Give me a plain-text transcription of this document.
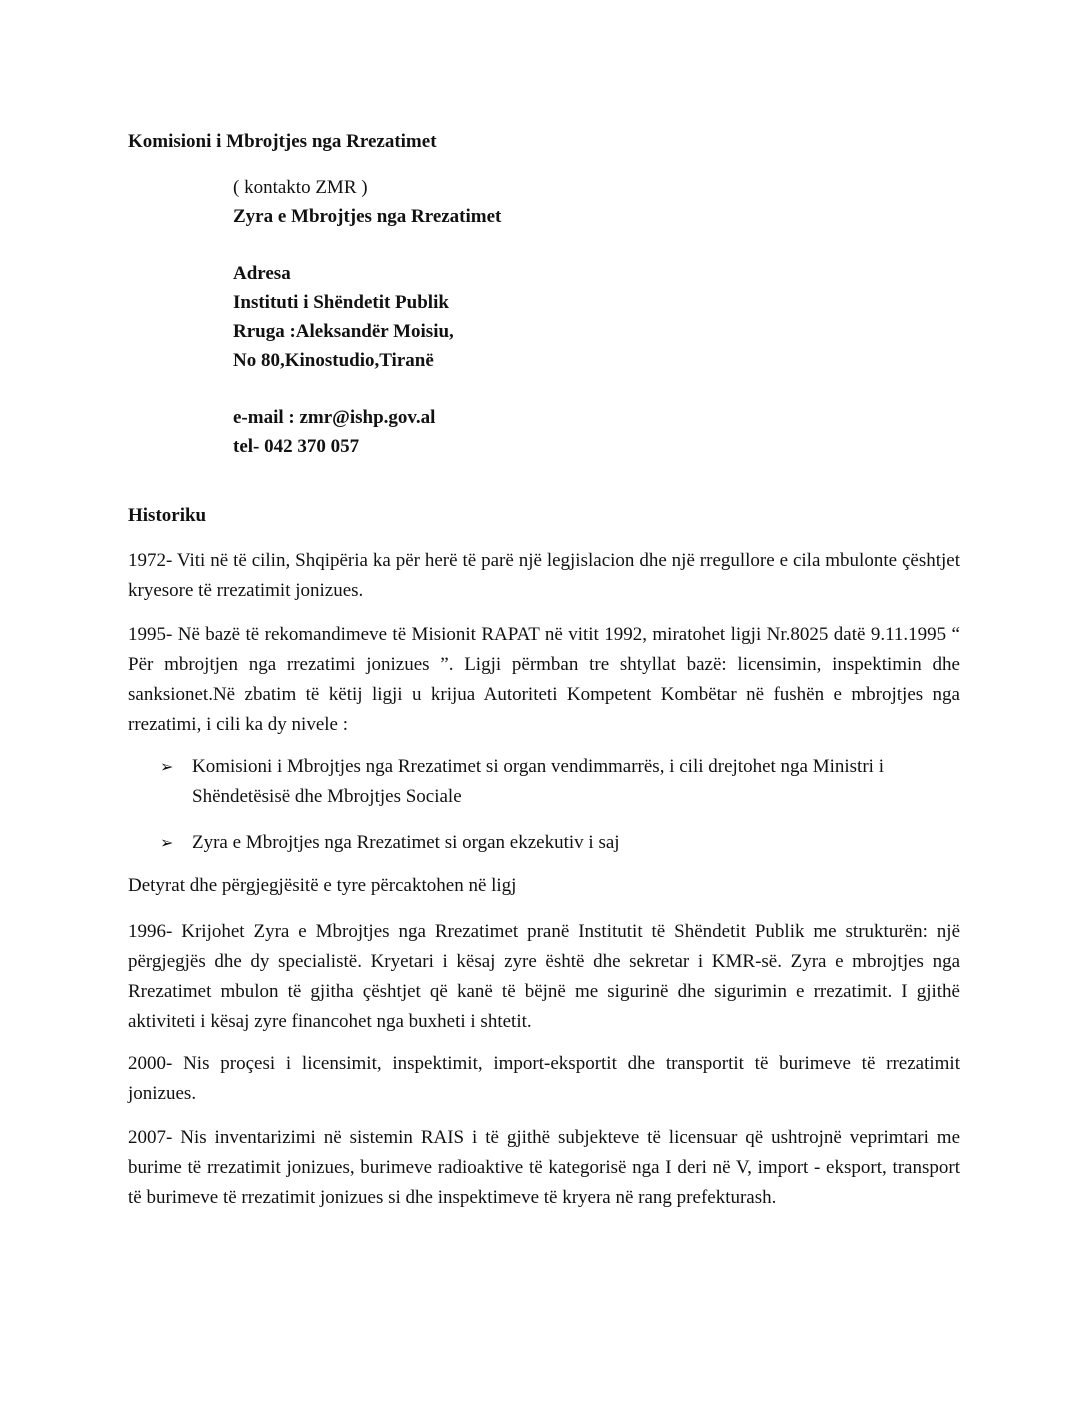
Komisioni i Mbrojtjes nga Rrezatimet
( kontakto ZMR )
Zyra e Mbrojtjes nga Rrezatimet
Adresa
Instituti i Shëndetit Publik
Rruga :Aleksandër Moisiu,
No 80,Kinostudio,Tiranë
e-mail : zmr@ishp.gov.al
tel- 042 370 057
Historiku

1972- Viti në të cilin, Shqipëria ka për herë të parë një legjislacion dhe një rregullore e cila mbulonte çështjet kryesore të rrezatimit jonizues.

1995- Në bazë të rekomandimeve të Misionit RAPAT në vitit 1992, miratohet ligji Nr.8025 datë 9.11.1995 “ Për mbrojtjen nga rrezatimi jonizues ”. Ligji përmban tre shtyllat bazë: licensimin, inspektimin dhe sanksionet.Në zbatim të këtij ligji u krijua Autoriteti Kompetent Kombëtar në fushën e mbrojtjes nga rrezatimi, i cili ka dy nivele :

➢ Komisioni i Mbrojtjes nga Rrezatimet si organ vendimmarrës, i cili drejtohet nga Ministri i Shëndetësisë dhe Mbrojtjes Sociale
➢ Zyra e Mbrojtjes nga Rrezatimet si organ ekzekutiv i saj

Detyrat dhe përgjegjësitë e tyre përcaktohen në ligj

1996- Krijohet Zyra e Mbrojtjes nga Rrezatimet pranë Institutit të Shëndetit Publik me strukturën: një përgjegjës dhe dy specialistë. Kryetari i kësaj zyre është dhe sekretar i KMR-së. Zyra e mbrojtjes nga Rrezatimet mbulon të gjitha çështjet që kanë të bëjnë me sigurinë dhe sigurimin e rrezatimit. I gjithë aktiviteti i kësaj zyre financohet nga buxheti i shtetit.

2000- Nis proçesi i licensimit, inspektimit, import-eksportit dhe transportit të burimeve të rrezatimit jonizues.

2007- Nis inventarizimi në sistemin RAIS i të gjithë subjekteve të licensuar që ushtrojnë veprimtari me burime të rrezatimit jonizues, burimeve radioaktive të kategorisë nga I deri në V, import - eksport, transport të burimeve të rrezatimit jonizues si dhe inspektimeve të kryera në rang prefekturash.
